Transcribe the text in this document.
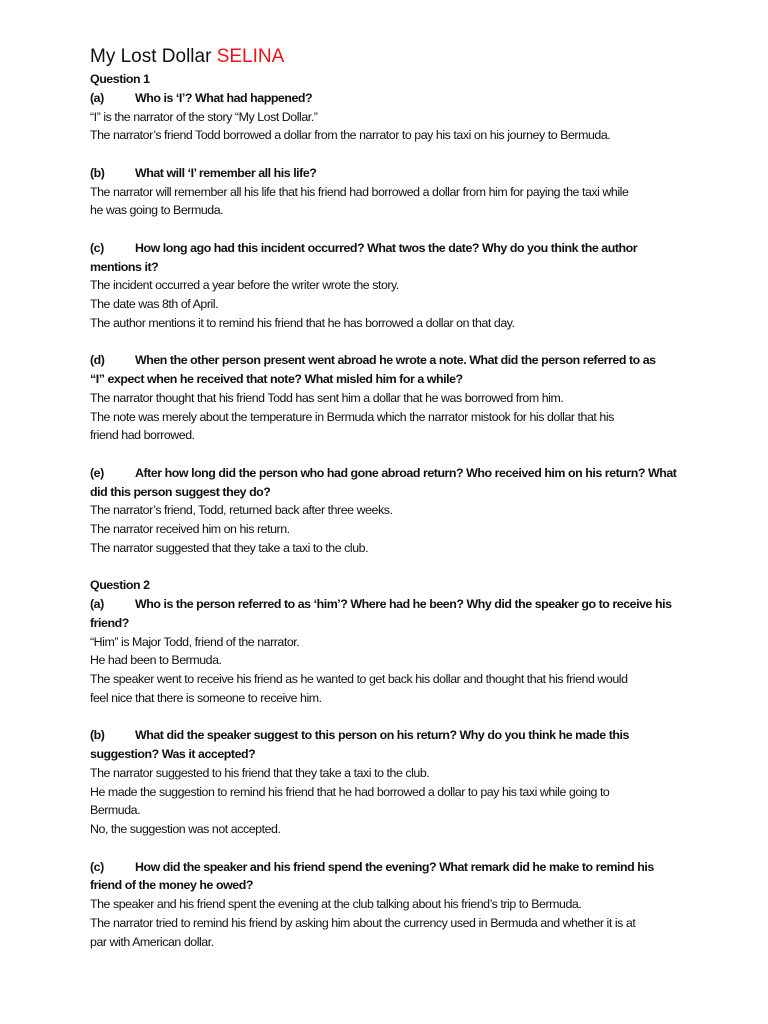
My Lost Dollar SELINA
Question 1
(a)	Who is ‘I’? What had happened?
“I” is the narrator of the story “My Lost Dollar.”
The narrator’s friend Todd borrowed a dollar from the narrator to pay his taxi on his journey to Bermuda.
(b) What will ‘I’ remember all his life?
The narrator will remember all his life that his friend had borrowed a dollar from him for paying the taxi while
he was going to Bermuda.
(c)	How long ago had this incident occurred? What twos the date? Why do you think the author
mentions it?
The incident occurred a year before the writer wrote the story.
The date was 8th of April.
The author mentions it to remind his friend that he has borrowed a dollar on that day.
(d) When the other person present went abroad he wrote a note. What did the person referred to as
“I” expect when he received that note? What misled him for a while?
The narrator thought that his friend Todd has sent him a dollar that he was borrowed from him.
The note was merely about the temperature in Bermuda which the narrator mistook for his dollar that his
friend had borrowed.
(e)	After how long did the person who had gone abroad return? Who received him on his return? What
did this person suggest they do?
The narrator’s friend, Todd, returned back after three weeks.
The narrator received him on his return.
The narrator suggested that they take a taxi to the club.
Question 2
(a)	Who is the person referred to as ‘him’? Where had he been? Why did the speaker go to receive his
friend?
“Him” is Major Todd, friend of the narrator.
He had been to Bermuda.
The speaker went to receive his friend as he wanted to get back his dollar and thought that his friend would
feel nice that there is someone to receive him.
(b) What did the speaker suggest to this person on his return? Why do you think he made this
suggestion? Was it accepted?
The narrator suggested to his friend that they take a taxi to the club.
He made the suggestion to remind his friend that he had borrowed a dollar to pay his taxi while going to
Bermuda.
No, the suggestion was not accepted.
(c)	How did the speaker and his friend spend the evening? What remark did he make to remind his
friend of the money he owed?
The speaker and his friend spent the evening at the club talking about his friend’s trip to Bermuda.
The narrator tried to remind his friend by asking him about the currency used in Bermuda and whether it is at
par with American dollar.
